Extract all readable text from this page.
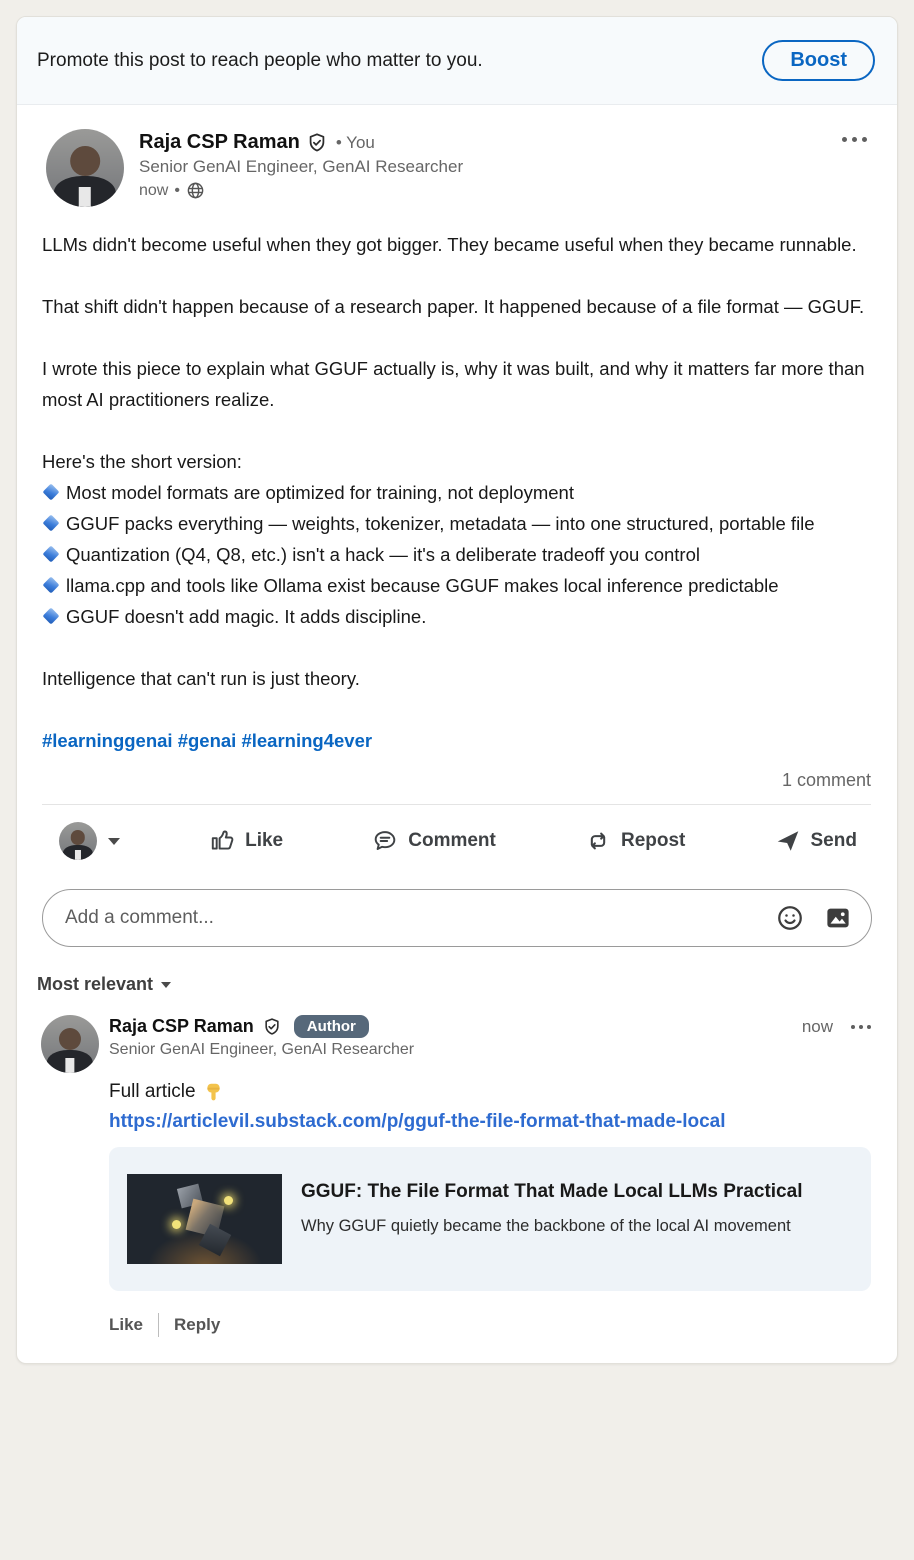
Promote this post to reach people who matter to you.	Boost
Raja CSP Raman • You
Senior GenAI Engineer, GenAI Researcher
now •

LLMs didn't become useful when they got bigger. They became useful when they became runnable.

That shift didn't happen because of a research paper. It happened because of a file format — GGUF.

I wrote this piece to explain what GGUF actually is, why it was built, and why it matters far more than most AI practitioners realize.

Here's the short version:

Most model formats are optimized for training, not deployment
GGUF packs everything — weights, tokenizer, metadata — into one structured, portable file
Quantization (Q4, Q8, etc.) isn't a hack — it's a deliberate tradeoff you control
llama.cpp and tools like Ollama exist because GGUF makes local inference predictable
GGUF doesn't add magic. It adds discipline.

Intelligence that can't run is just theory.

#learninggenai #genai #learning4ever

1 comment
Like	Comment	Repost	Send
Add a comment...
Most relevant
Raja CSP Raman	Author	now
Senior GenAI Engineer, GenAI Researcher
Full article
https://articlevil.substack.com/p/gguf-the-file-format-that-made-local
GGUF: The File Format That Made Local LLMs Practical
Why GGUF quietly became the backbone of the local AI movement
Like Reply
